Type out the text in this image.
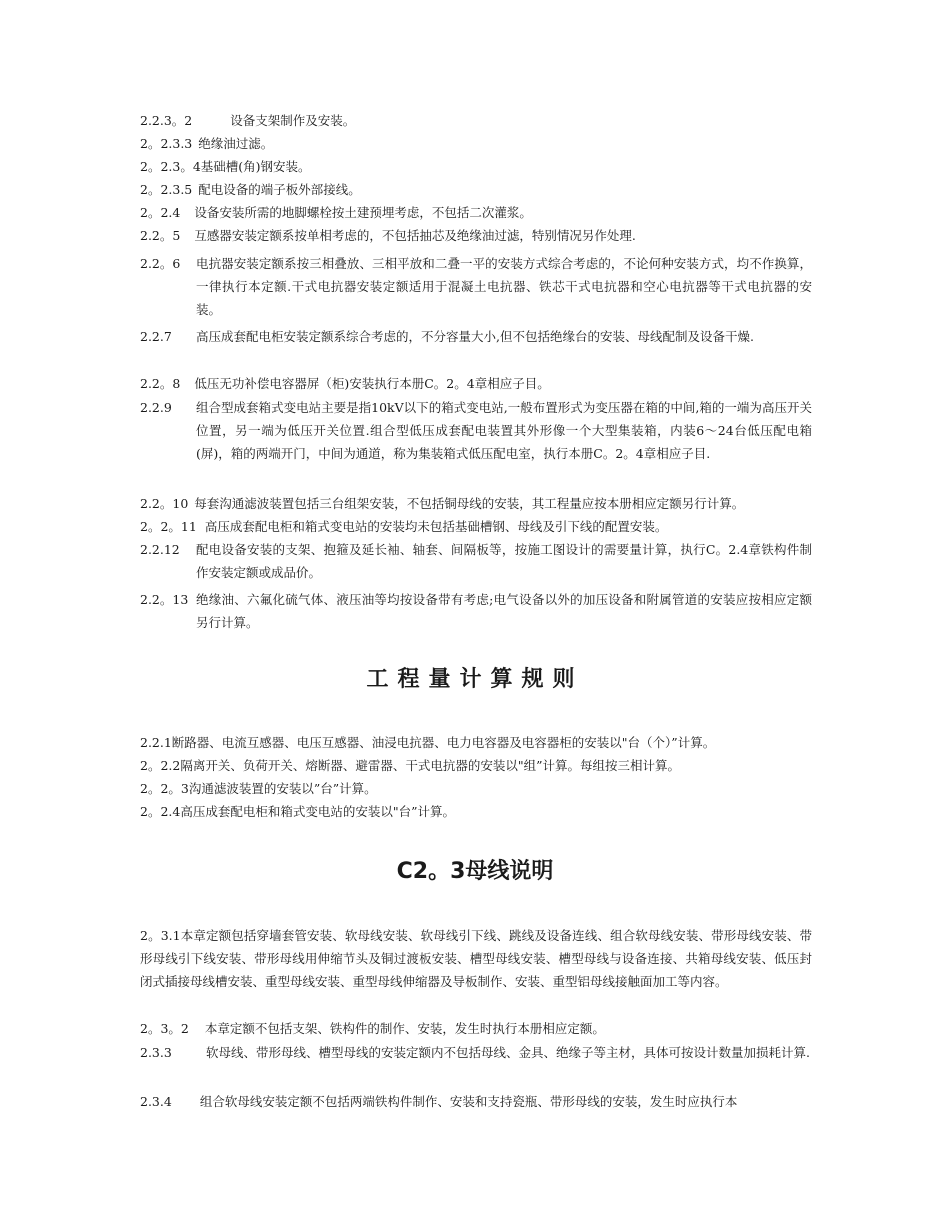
2.2.3。2	设备支架制作及安装。
2。2.3.3 绝缘油过滤。
2。2.3。4基础槽(角)钢安装。
2。2.3.5 配电设备的端子板外部接线。
2。2.4 设备安装所需的地脚螺栓按土建预埋考虑，不包括二次灌浆。
2.2。5 互感器安装定额系按单相考虑的，不包括抽芯及绝缘油过滤，特别情况另作处理.
2.2。6 电抗器安装定额系按三相叠放、三相平放和二叠一平的安装方式综合考虑的，不论何种安装方式，均不作换算，一律执行本定额.干式电抗器安装定额适用于混凝土电抗器、铁芯干式电抗器和空心电抗器等干式电抗器的安装。
2.2.7 高压成套配电柜安装定额系综合考虑的，不分容量大小,但不包括绝缘台的安装、母线配制及设备干燥.
2.2。8 低压无功补偿电容器屏（柜)安装执行本册C。2。4章相应子目。
2.2.9 组合型成套箱式变电站主要是指10kV以下的箱式变电站,一般布置形式为变压器在箱的中间,箱的一端为高压开关位置，另一端为低压开关位置.组合型低压成套配电装置其外形像一个大型集装箱，内装6～24台低压配电箱(屏)，箱的两端开门，中间为通道，称为集装箱式低压配电室，执行本册C。2。4章相应子目.
2.2。10 每套沟通滤波装置包括三台组架安装，不包括铜母线的安装，其工程量应按本册相应定额另行计算。
2。2。11 高压成套配电柜和箱式变电站的安装均未包括基础槽钢、母线及引下线的配置安装。
2.2.12 配电设备安装的支架、抱箍及延长袖、轴套、间隔板等，按施工图设计的需要量计算，执行C。2.4章铁构件制作安装定额或成品价。
2.2。13 绝缘油、六氟化硫气体、液压油等均按设备带有考虑;电气设备以外的加压设备和附属管道的安装应按相应定额另行计算。
工程量计算规则
2.2.1断路器、电流互感器、电压互感器、油浸电抗器、电力电容器及电容器柜的安装以"台（个）”计算。
2。2.2隔离开关、负荷开关、熔断器、避雷器、干式电抗器的安装以"组”计算。每组按三相计算。
2。2。3沟通滤波装置的安装以”台”计算。
2。2.4高压成套配电柜和箱式变电站的安装以"台”计算。
C2。3母线说明
2。3.1本章定额包括穿墙套管安装、软母线安装、软母线引下线、跳线及设备连线、组合软母线安装、带形母线安装、带形母线引下线安装、带形母线用伸缩节头及铜过渡板安装、槽型母线安装、槽型母线与设备连接、共箱母线安装、低压封闭式插接母线槽安装、重型母线安装、重型母线伸缩器及导板制作、安装、重型铝母线接触面加工等内容。
2。3。2 本章定额不包括支架、铁构件的制作、安装，发生时执行本册相应定额。
2.3.3	软母线、带形母线、槽型母线的安装定额内不包括母线、金具、绝缘子等主材，具体可按设计数量加损耗计算.
2.3.4 组合软母线安装定额不包括两端铁构件制作、安装和支持瓷瓶、带形母线的安装，发生时应执行本
